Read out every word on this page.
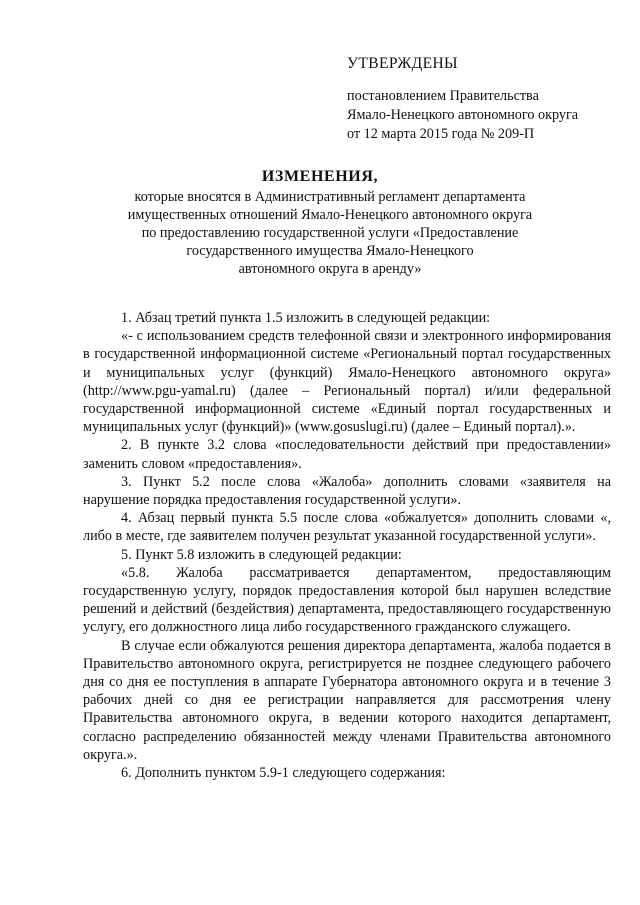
УТВЕРЖДЕНЫ
постановлением Правительства
Ямало-Ненецкого автономного округа
от 12 марта 2015 года № 209-П
ИЗМЕНЕНИЯ,
которые вносятся в Административный регламент департамента
имущественных отношений Ямало-Ненецкого автономного округа
по предоставлению государственной услуги «Предоставление
государственного имущества Ямало-Ненецкого
автономного округа в аренду»

1. Абзац третий пункта 1.5 изложить в следующей редакции:

«- с использованием средств телефонной связи и электронного информирования в государственной информационной системе «Региональный портал государственных и муниципальных услуг (функций) Ямало-Ненецкого автономного округа» (http://www.pgu-yamal.ru) (далее – Региональный портал) и/или федеральной государственной информационной системе «Единый портал государственных и муниципальных услуг (функций)» (www.gosuslugi.ru) (далее – Единый портал).».

2. В пункте 3.2 слова «последовательности действий при предоставлении» заменить словом «предоставления».

3. Пункт 5.2 после слова «Жалоба» дополнить словами «заявителя на нарушение порядка предоставления государственной услуги».

4. Абзац первый пункта 5.5 после слова «обжалуется» дополнить словами «, либо в месте, где заявителем получен результат указанной государственной услуги».

5. Пункт 5.8 изложить в следующей редакции:

«5.8. Жалоба рассматривается департаментом, предоставляющим государственную услугу, порядок предоставления которой был нарушен вследствие решений и действий (бездействия) департамента, предоставляющего государственную услугу, его должностного лица либо государственного гражданского служащего.

В случае если обжалуются решения директора департамента, жалоба подается в Правительство автономного округа, регистрируется не позднее следующего рабочего дня со дня ее поступления в аппарате Губернатора автономного округа и в течение 3 рабочих дней со дня ее регистрации направляется для рассмотрения члену Правительства автономного округа, в ведении которого находится департамент, согласно распределению обязанностей между членами Правительства автономного округа.».

6. Дополнить пунктом 5.9-1 следующего содержания:
